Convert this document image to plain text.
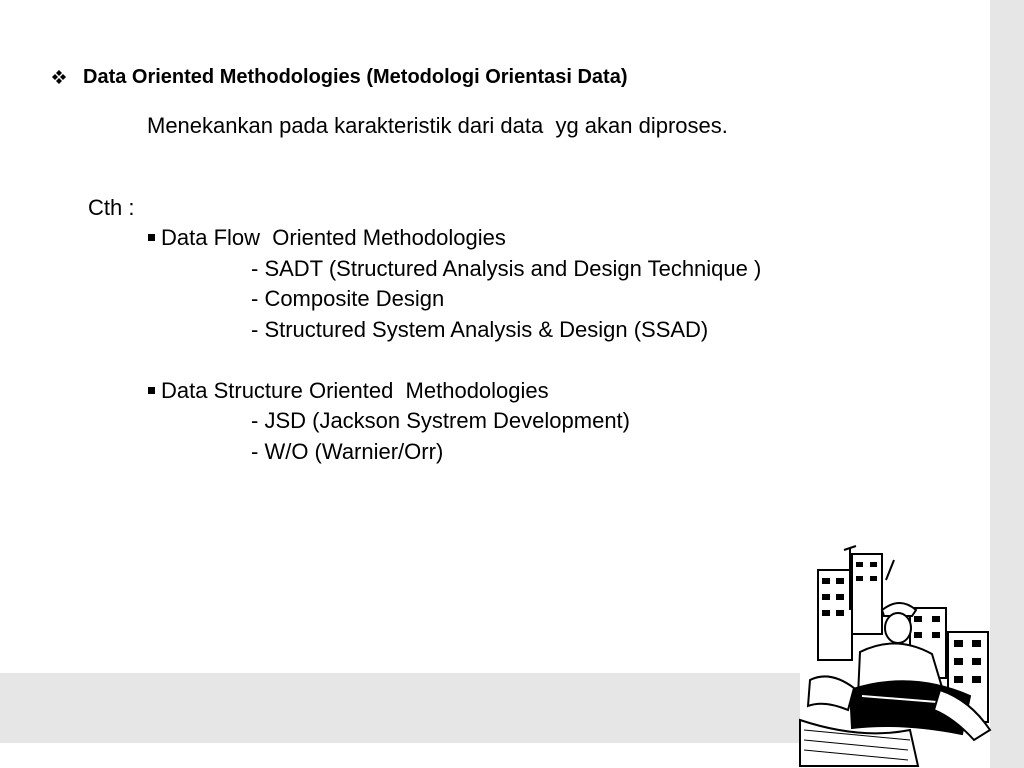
Data Oriented Methodologies (Metodologi Orientasi Data)
Menekankan pada karakteristik dari data  yg akan diproses.
Cth :
Data Flow  Oriented Methodologies
- SADT (Structured Analysis and Design Technique )
- Composite Design
- Structured System Analysis & Design (SSAD)
Data Structure Oriented  Methodologies
- JSD (Jackson Systrem Development)
- W/O (Warnier/Orr)
